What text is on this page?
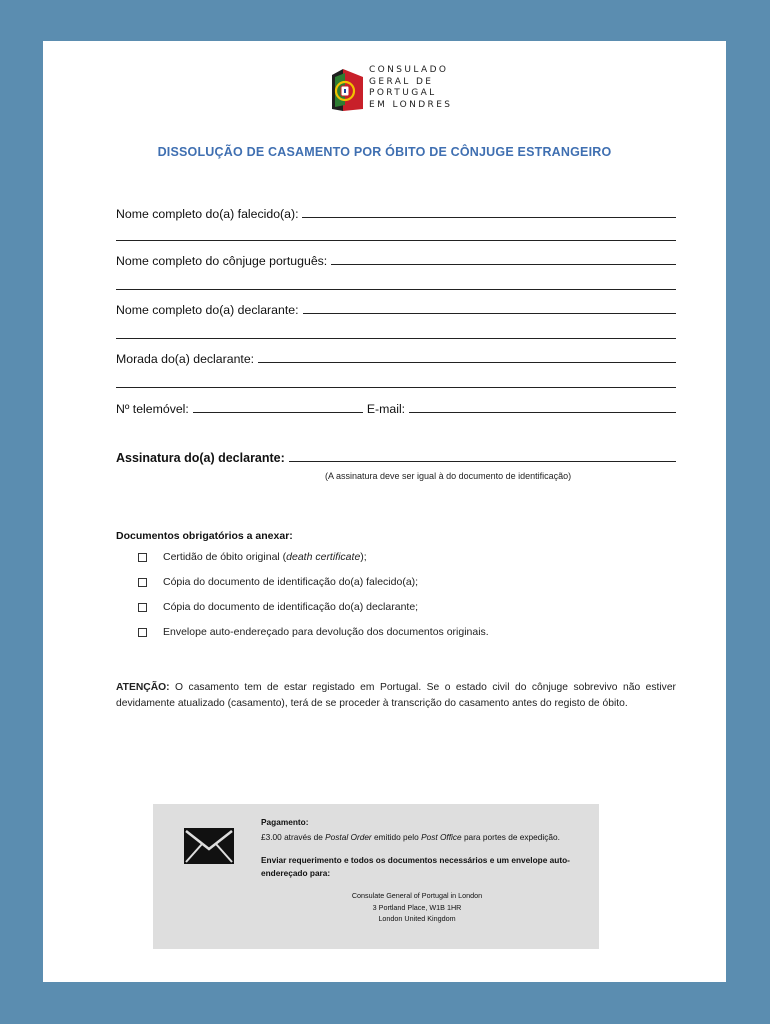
CONSULADO
GERAL DE
PORTUGAL
EM LONDRES
DISSOLUÇÃO DE CASAMENTO POR ÓBITO DE CÔNJUGE ESTRANGEIRO
Nome completo do(a) falecido(a):
Nome completo do cônjuge português:
Nome completo do(a) declarante:
Morada do(a) declarante:
Nº telemóvel:	E-mail:
Assinatura do(a) declarante:
(A assinatura deve ser igual à do documento de identificação)
Documentos obrigatórios a anexar:
Certidão de óbito original ( death certificate );
Cópia do documento de identificação do(a) falecido(a);
Cópia do documento de identificação do(a) declarante;
Envelope auto-endereçado para devolução dos documentos originais.
ATENÇÃO: O casamento tem de estar registado em Portugal. Se o estado civil do cônjuge sobrevivo não estiver devidamente atualizado (casamento), terá de se proceder à transcrição do casamento antes do registo de óbito.
Pagamento:
£3.00 através de Postal Order emitido pelo Post Office para portes de expedição.
Enviar requerimento e todos os documentos necessários e um envelope auto-endereçado para:
Consulate General of Portugal in London
3 Portland Place, W1B 1HR
London United Kingdom
